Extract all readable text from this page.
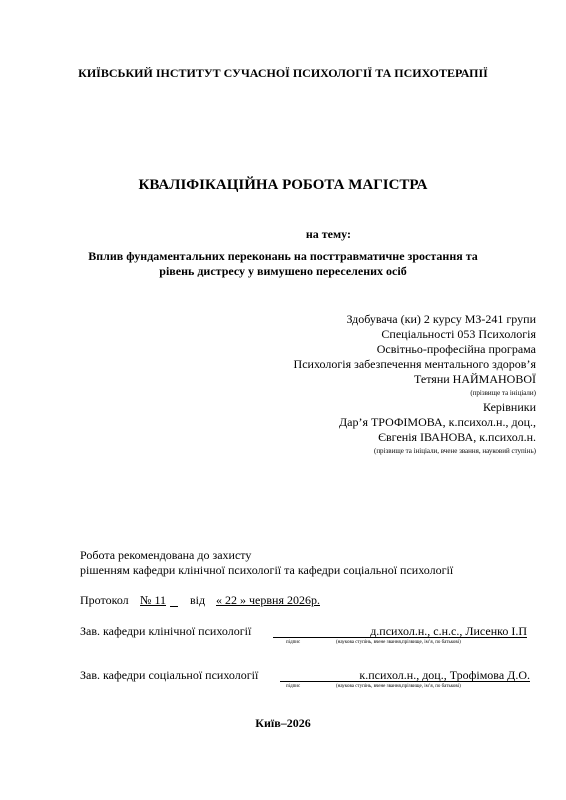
КИЇВСЬКИЙ ІНСТИТУТ СУЧАСНОЇ ПСИХОЛОГІЇ ТА ПСИХОТЕРАПІЇ
КВАЛІФІКАЦІЙНА РОБОТА МАГІСТРА
на тему:
Вплив фундаментальних переконань на посттравматичне зростання та
рівень дистресу у вимушено переселених осіб
Здобувача (ки) 2 курсу МЗ-241 групи
Спеціальності 053 Психологія
Освітньо-професійна програма
Психологія забезпечення ментального здоров’я
Тетяни НАЙМАНОВОЇ
(прізвище та ініціали)
Керівники
Дар’я ТРОФІМОВА, к.психол.н., доц.,
Євгенія ІВАНОВА, к.психол.н.
(прізвище та ініціали, вчене звання, науковий ступінь)
Робота рекомендована до захисту
рішенням кафедри клінічної психології та кафедри соціальної психології
Протокол № 11 від « 22 » червня 2026р.
Зав. кафедри клінічної психології	д.психол.н., с.н.с., Лисенко І.П
підпис	(наукова ступінь, вчене звання,прізвище, ім’я, по батькові)
Зав. кафедри соціальної психології	к.психол.н., доц., Трофімова Д.О.
підпис	(наукова ступінь, вчене звання,прізвище, ім’я, по батькові)
Київ–2026
